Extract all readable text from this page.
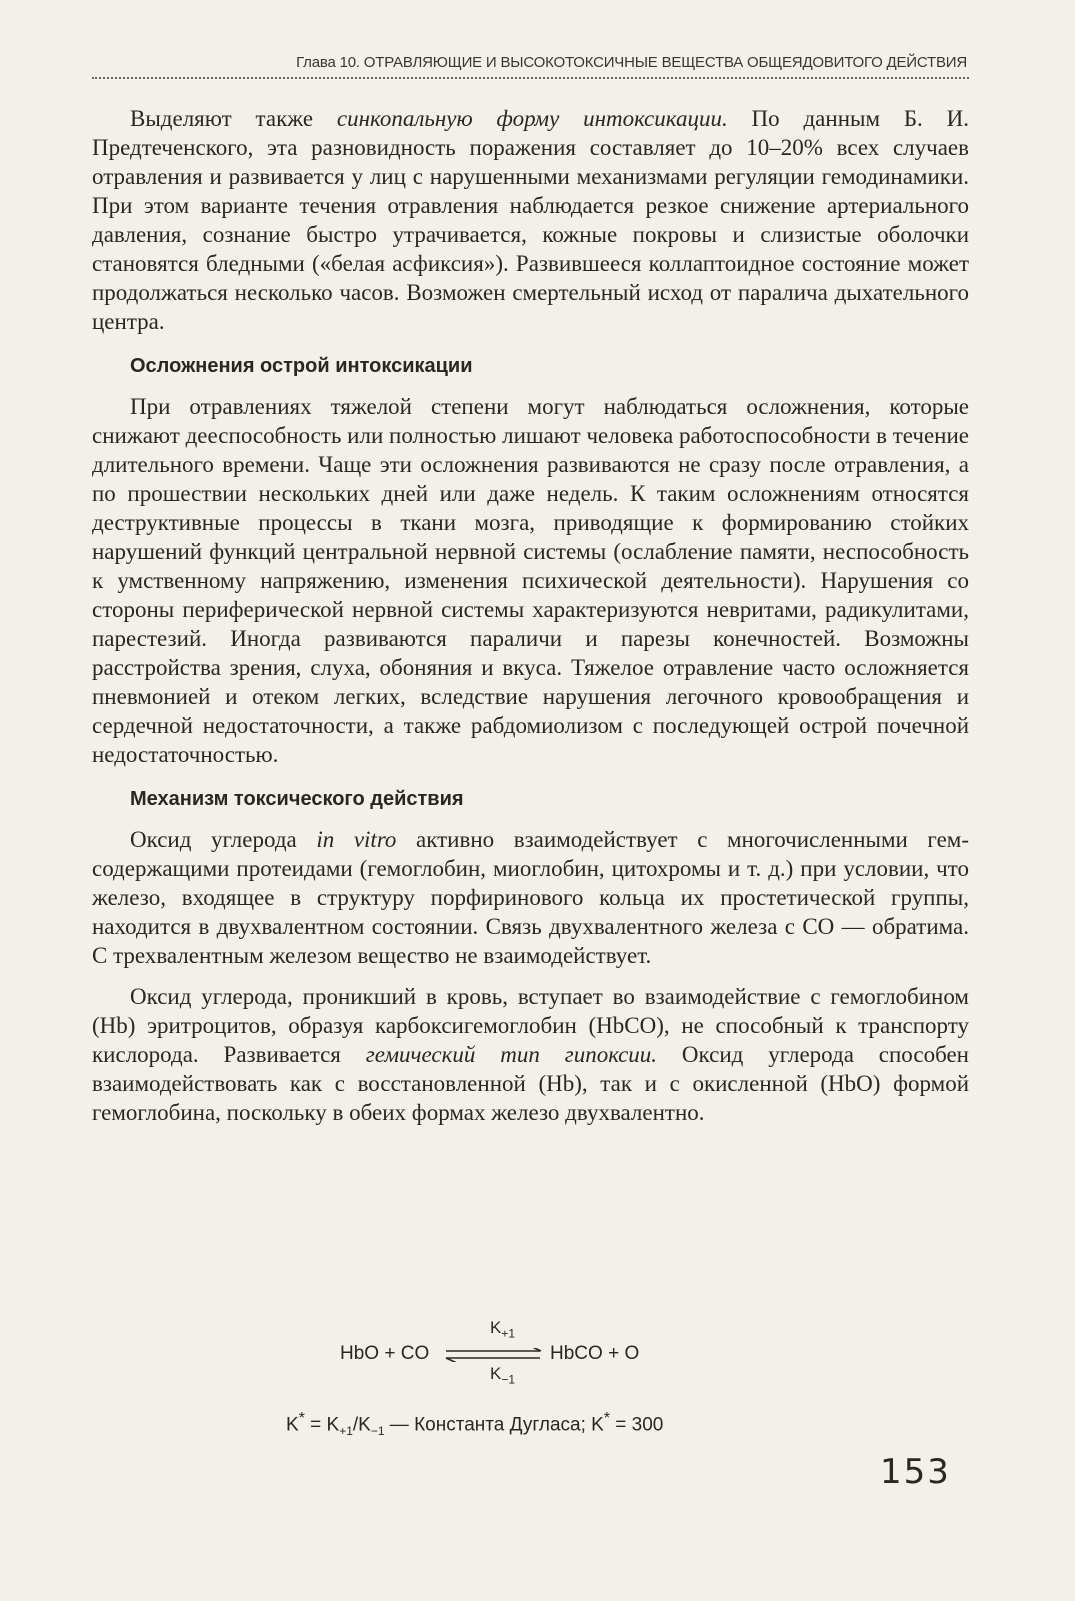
Глава 10. ОТРАВЛЯЮЩИЕ И ВЫСОКОТОКСИЧНЫЕ ВЕЩЕСТВА ОБЩЕЯДОВИТОГО ДЕЙСТВИЯ

Выделяют также синкопальную форму интоксикации. По данным Б. И. Предтеченского, эта разновидность поражения составляет до 10–20% всех случаев отравления и развивается у лиц с нарушенными механизмами регуляции гемодинамики. При этом варианте течения отравления наблюдается резкое снижение артериального давления, сознание быстро утрачивается, кожные покровы и слизистые оболочки становятся бледными («белая асфиксия»). Развившееся коллаптоидное состояние может продолжаться несколько часов. Возможен смертельный исход от паралича дыхательного центра.

Осложнения острой интоксикации

При отравлениях тяжелой степени могут наблюдаться осложнения, которые снижают дееспособность или полностью лишают человека работоспособности в течение длительного времени. Чаще эти осложнения развиваются не сразу после отравления, а по прошествии нескольких дней или даже недель. К таким осложнениям относятся деструктивные процессы в ткани мозга, приводящие к формированию стойких нарушений функций центральной нервной системы (ослабление памяти, неспособность к умственному напряжению, изменения психической деятельности). Нарушения со стороны периферической нервной системы характеризуются невритами, радикулитами, парестезий. Иногда развиваются параличи и парезы конечностей. Возможны расстройства зрения, слуха, обоняния и вкуса. Тяжелое отравление часто осложняется пневмонией и отеком легких, вследствие нарушения легочного кровообращения и сердечной недостаточности, а также рабдомиолизом с последующей острой почечной недостаточностью.

Механизм токсического действия

Оксид углерода in vitro активно взаимодействует с многочисленными гем-содержащими протеидами (гемоглобин, миоглобин, цитохромы и т. д.) при условии, что железо, входящее в структуру порфиринового кольца их простетической группы, находится в двухвалентном состоянии. Связь двухвалентного железа с СО — обратима. С трехвалентным железом вещество не взаимодействует.

Оксид углерода, проникший в кровь, вступает во взаимодействие с гемоглобином (Hb) эритроцитов, образуя карбоксигемоглобин (HbCO), не способный к транспорту кислорода. Развивается гемический тип гипоксии. Оксид углерода способен взаимодействовать как с восстановленной (Hb), так и с окисленной (HbO) формой гемоглобина, поскольку в обеих формах железо двухвалентно.

HbO + CO
$K_{+1}$
$K_{-1}$
HbCO + O
$K^* = K_{+1}/K_{-1}$ — Константа Дугласа; K* = 300
153
